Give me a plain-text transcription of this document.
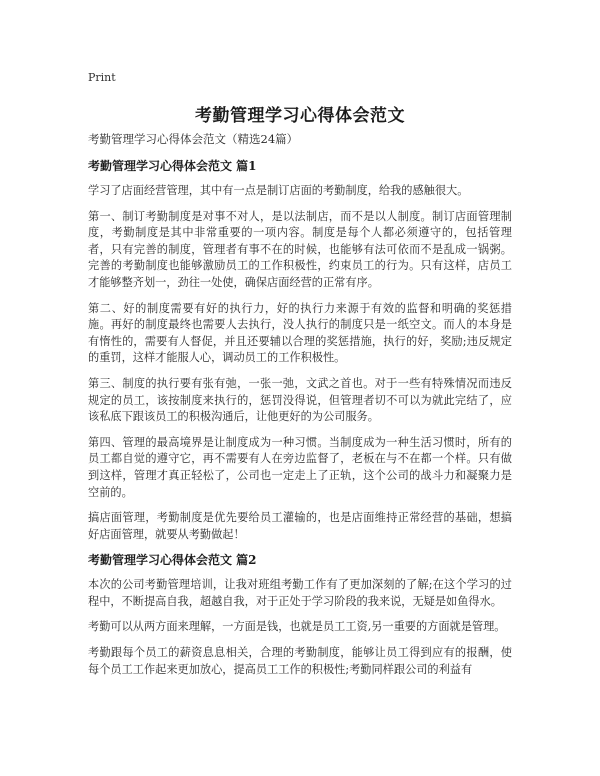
Print
考勤管理学习心得体会范文

考勤管理学习心得体会范文（精选24篇）

考勤管理学习心得体会范文 篇1

学习了店面经营管理，其中有一点是制订店面的考勤制度，给我的感触很大。

第一、制订考勤制度是对事不对人，是以法制店，而不是以人制度。制订店面管理制度，考勤制度是其中非常重要的一项内容。制度是每个人都必须遵守的，包括管理者，只有完善的制度，管理者有事不在的时候，也能够有法可依而不是乱成一锅粥。完善的考勤制度也能够激励员工的工作积极性，约束员工的行为。只有这样，店员工才能够整齐划一，劲往一处使，确保店面经营的正常有序。

第二、好的制度需要有好的执行力，好的执行力来源于有效的监督和明确的奖惩措施。再好的制度最终也需要人去执行，没人执行的制度只是一纸空文。而人的本身是有惰性的，需要有人督促，并且还要辅以合理的奖惩措施，执行的好，奖励;违反规定的重罚，这样才能服人心，调动员工的工作积极性。

第三、制度的执行要有张有弛，一张一弛，文武之首也。对于一些有特殊情况而违反规定的员工，该按制度来执行的，惩罚没得说，但管理者切不可以为就此完结了，应该私底下跟该员工的积极沟通后，让他更好的为公司服务。

第四、管理的最高境界是让制度成为一种习惯。当制度成为一种生活习惯时，所有的员工都自觉的遵守它，再不需要有人在旁边监督了，老板在与不在都一个样。只有做到这样，管理才真正轻松了，公司也一定走上了正轨，这个公司的战斗力和凝聚力是空前的。

搞店面管理，考勤制度是优先要给员工灌输的，也是店面维持正常经营的基础，想搞好店面管理，就要从考勤做起！

考勤管理学习心得体会范文 篇2

本次的公司考勤管理培训，让我对班组考勤工作有了更加深刻的了解;在这个学习的过程中，不断提高自我，超越自我，对于正处于学习阶段的我来说，无疑是如鱼得水。

考勤可以从两方面来理解，一方面是钱，也就是员工工资,另一重要的方面就是管理。

考勤跟每个员工的薪资息息相关，合理的考勤制度，能够让员工得到应有的报酬，使每个员工工作起来更加放心，提高员工工作的积极性;考勤同样跟公司的利益有
